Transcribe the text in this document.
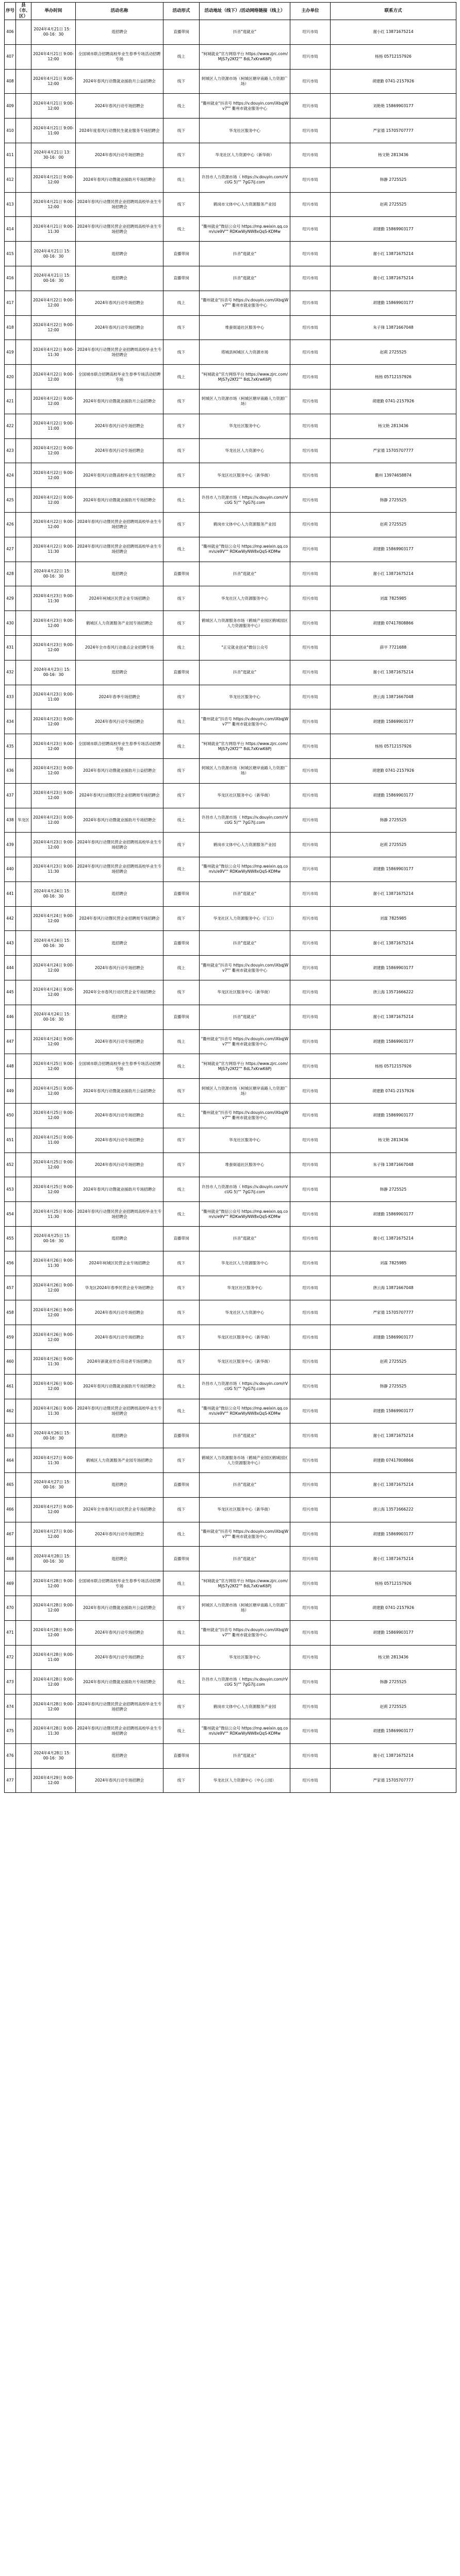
序号	县（市、区）	举办时间	活动名称	活动形式	活动地址（线下）/活动网络链接（线上）	主办单位	联系方式
406		2024年4月21日 15：00-16：30	逛招聘会	直播带岗	抖音"逛就业"	绍兴市局	谢小红 13871675214
407		2024年4月21日 9:00-12:00	全国城市联合招聘高校毕业生春季专场活动招聘专场	线上	"柯城就业"官方网络平台 https://www.zjrc.com/MjS7y2Kf2"" 8dL7xKrwK6Pj	绍兴市局	杨杨 05712157926
408		2024年4月21日 9:00-12:00	2024年春风行动暨就业援助月公益招聘会	线下	轲城区人力资源市场（柯城区塘岸南路人力资源广场）	绍兴市局	胡建勤 0741-2157926
409		2024年4月21日 9:00-12:00	2024年春风行动专场招聘会	线上	"衢州就业"抖音号 https://v.douyin.com/iXbqjWv7"" 衢州市就业服务中心	绍兴市局	刘艳艳 15869903177
410		2024年4月21日 9:00-11:00	2024年度春风行动暨民生就业服务专场招聘会	线下	华龙社区服务中心	绍兴市局	严家德 15705707777
411		2024年4月21日 13：30-16：00	2024年春风行动专场招聘会	线下	华龙社区人力资源中心（新华街）	绍兴市局	杨文艳 2813436
412		2024年4月21日 9:00-12:00	2024年春风行动暨就业援助月专场招聘会	线上	许昌市人力资源市场（ https://v.douyin.com/rVcUG 5)"" 7gG7iJ.com	绍兴市局	韩静 2725525
413		2024年4月21日 9:00-12:00	2024年春风行动暨民营企业招聘周高校毕业生专场招聘会	线下	鹤岗市文体中心人力资源服务产业园	绍兴市局	赵莉 2725525
414		2024年4月21日 9:00-11:30	2024年春风行动暨民营企业招聘周高校毕业生专场招聘会	线上	"衢州就业"微信公众号 https://mp.weixin.qq.com/s/e9V"" RDKwWyNW8xQqS-KDMw	绍兴市局	胡建勤 15869903177
415		2024年4月21日 15：00-16：30	逛招聘会	直播带岗	抖音"逛就业"	绍兴市局	谢小红 13871675214
416		2024年4月21日 15：00-16：30	逛招聘会	直播带岗	抖音"逛就业"	绍兴市局	谢小红 13871675214
417		2024年4月22日 9:00-12:00	2024年春风行动专场招聘会	线上	"衢州就业"抖音号 https://v.douyin.com/iXbqjWv7"" 衢州市就业服务中心	绍兴市局	胡建勤 15869903177
418		2024年4月22日 9:00-12:00	2024年春风行动专场招聘会	线下	堆蚕街道社区服务中心	绍兴市局	朱子锋 13871667048
419		2024年4月22日 9:00-11:30	2024年春风行动暨民营企业招聘周高校毕业生专场招聘会	线下	塔城县柯城区人力资源市场	绍兴市局	赵莉 2725525
420		2024年4月22日 9:00-12:00	全国城市联合招聘高校毕业生春季专场活动招聘专场	线上	"柯城就业"官方网络平台 https://www.zjrc.com/MjS7y2Kf2"" 8dL7xKrwK6Pj	绍兴市局	杨杨 05712157926
421		2024年4月22日 9:00-12:00	2024年春风行动暨就业援助月公益招聘会	线下	轲城区人力资源市场（柯城区塘岸南路人力资源广场）	绍兴市局	胡建勤 0741-2157926
422		2024年4月22日 9:00-11:00	2024年春风行动专场招聘会	线下	华龙社区服务中心	绍兴市局	杨文艳 2813436
423		2024年4月22日 9:00-12:00	2024年春风行动专场招聘会	线下	华龙社区人力资源中心	绍兴市局	严家德 15705707777
424		2024年4月22日 9:00-12:00	2024年春风行动暨高校毕业生专场招聘会	线下	华龙区社区服务中心（新华街）	绍兴市局	衢州 13974658874
425		2024年4月22日 9:00-12:00	2024年春风行动暨就业援助月专场招聘会	线上	许昌市人力资源市场（ https://v.douyin.com/rVcUG 5)"" 7gG7iJ.com	绍兴市局	韩静 2725525
426		2024年4月22日 9:00-12:00	2024年春风行动暨民营企业招聘周高校毕业生专场招聘会	线下	鹤岗市文体中心人力资源服务产业园	绍兴市局	赵莉 2725525
427		2024年4月22日 9:00-11:30	2024年春风行动暨民营企业招聘周高校毕业生专场招聘会	线上	"衢州就业"微信公众号 https://mp.weixin.qq.com/s/e9V"" RDKwWyNW8xQqS-KDMw	绍兴市局	胡建勤 15869903177
428		2024年4月22日 15：00-16：30	逛招聘会	直播带岗	抖音"逛就业"	绍兴市局	谢小红 13871675214
429		2024年4月23日 9:00-11:30	2024年柯城区民营企业专场招聘会	线下	华龙社区人力资源服务中心	绍兴市局	刘霖 7825985
430		2024年4月23日 9:00-12:00	鹤城区人力资源服务产业园专场招聘会	线下	鹤城区人力资源服务市场（鹤城产业园区鹤城园区人力资源服务中心）	绍兴市局	胡建勤 07417808866
431		2024年4月23日 9:00-12:00	2024年全市春风行动重点企业招聘专场	线上	"正定就业创业"微信公众号	绍兴市局	薛平 7721688
432		2024年4月23日 15：00-16：30	逛招聘会	直播带岗	抖音"逛就业"	绍兴市局	谢小红 13871675214
433		2024年4月23日 9:00-11:00	2024年春季专场招聘会	线下	华龙社区服务中心	绍兴市局	唐云海 13871667048
434		2024年4月23日 9:00-12:00	2024年春风行动专场招聘会	线上	"衢州就业"抖音号 https://v.douyin.com/iXbqjWv7"" 衢州市就业服务中心	绍兴市局	胡建勤 15869903177
435		2024年4月23日 9:00-12:00	全国城市联合招聘高校毕业生春季专场活动招聘专场	线上	"柯城就业"官方网络平台 https://www.zjrc.com/MjS7y2Kf2"" 8dL7xKrwK6Pj	绍兴市局	杨杨 05712157926
436		2024年4月23日 9:00-12:00	2024年春风行动暨就业援助月公益招聘会	线下	轲城区人力资源市场（柯城区塘岸南路人力资源广场）	绍兴市局	胡建勤 0741-2157926
437		2024年4月23日 9:00-12:00	2024年春风行动暨民营企业招聘周专场招聘会	线下	华龙区社区服务中心（新华街）	绍兴市局	胡建勤 15869903177
438	华龙区	2024年4月23日 9:00-12:00	2024年春风行动暨就业援助月专场招聘会	线上	许昌市人力资源市场（ https://v.douyin.com/rVcUG 5)"" 7gG7iJ.com	绍兴市局	韩静 2725525
439		2024年4月23日 9:00-12:00	2024年春风行动暨民营企业招聘周高校毕业生专场招聘会	线下	鹤岗市文体中心人力资源服务产业园	绍兴市局	赵莉 2725525
440		2024年4月23日 9:00-11:30	2024年春风行动暨民营企业招聘周高校毕业生专场招聘会	线上	"衢州就业"微信公众号 https://mp.weixin.qq.com/s/e9V"" RDKwWyNW8xQqS-KDMw	绍兴市局	胡建勤 15869903177
441		2024年4月24日 15：00-16：30	逛招聘会	直播带岗	抖音"逛就业"	绍兴市局	谢小红 13871675214
442		2024年4月24日 9:00-12:00	2024年春风行动暨民营企业招聘周专场招聘会	线下	华龙社区人力资源服务中心（门口）	绍兴市局	刘霖 7825985
443		2024年4月24日 15：00-16：30	逛招聘会	直播带岗	抖音"逛就业"	绍兴市局	谢小红 13871675214
444		2024年4月24日 9:00-12:00	2024年春风行动专场招聘会	线上	"衢州就业"抖音号 https://v.douyin.com/iXbqjWv7"" 衢州市就业服务中心	绍兴市局	胡建勤 15869903177
445		2024年4月24日 9:00-12:00	2024年全市春风行动民营企业专场招聘会	线下	华龙区社区服务中心（新华街）	绍兴市局	唐云海 13571666222
446		2024年4月24日 15：00-16：30	逛招聘会	直播带岗	抖音"逛就业"	绍兴市局	谢小红 13871675214
447		2024年4月24日 9:00-12:00	2024年春风行动专场招聘会	线上	"衢州就业"抖音号 https://v.douyin.com/iXbqjWv7"" 衢州市就业服务中心	绍兴市局	胡建勤 15869903177
448		2024年4月25日 9:00-12:00	全国城市联合招聘高校毕业生春季专场活动招聘专场	线上	"柯城就业"官方网络平台 https://www.zjrc.com/MjS7y2Kf2"" 8dL7xKrwK6Pj	绍兴市局	杨杨 05712157926
449		2024年4月25日 9:00-12:00	2024年春风行动暨就业援助月公益招聘会	线下	轲城区人力资源市场（柯城区塘岸南路人力资源广场）	绍兴市局	胡建勤 0741-2157926
450		2024年4月25日 9:00-12:00	2024年春风行动专场招聘会	线上	"衢州就业"抖音号 https://v.douyin.com/iXbqjWv7"" 衢州市就业服务中心	绍兴市局	胡建勤 15869903177
451		2024年4月25日 9:00-11:00	2024年春风行动专场招聘会	线下	华龙社区服务中心	绍兴市局	杨文艳 2813436
452		2024年4月25日 9:00-12:00	2024年春风行动专场招聘会	线下	堆蚕街道社区服务中心	绍兴市局	朱子锋 13871667048
453		2024年4月25日 9:00-12:00	2024年春风行动暨就业援助月专场招聘会	线上	许昌市人力资源市场（ https://v.douyin.com/rVcUG 5)"" 7gG7iJ.com	绍兴市局	韩静 2725525
454		2024年4月25日 9:00-11:30	2024年春风行动暨民营企业招聘周高校毕业生专场招聘会	线上	"衢州就业"微信公众号 https://mp.weixin.qq.com/s/e9V"" RDKwWyNW8xQqS-KDMw	绍兴市局	胡建勤 15869903177
455		2024年4月25日 15：00-16：30	逛招聘会	直播带岗	抖音"逛就业"	绍兴市局	谢小红 13871675214
456		2024年4月26日 9:00-11:30	2024年柯城区民营企业专场招聘会	线下	华龙社区人力资源服务中心	绍兴市局	刘霖 7825985
457		2024年4月26日 9:00-12:00	华龙区2024年春季民营企业专场招聘会	线下	华龙区社区服务中心	绍兴市局	唐云海 13871667048
458		2024年4月26日 9:00-12:00	2024年春风行动专场招聘会	线下	华龙社区人力资源中心	绍兴市局	严家德 15705707777
459		2024年4月26日 9:00-12:00	2024年春风行动专场招聘会	线下	华龙区社区服务中心（新华街）	绍兴市局	胡建勤 15869903177
460		2024年4月26日 9:00-11:30	2024年新就业形态劳动者专场招聘会	线下	华龙区社区服务中心（新华街）	绍兴市局	赵莉 2725525
461		2024年4月26日 9:00-12:00	2024年春风行动暨就业援助月专场招聘会	线上	许昌市人力资源市场（ https://v.douyin.com/rVcUG 5)"" 7gG7iJ.com	绍兴市局	韩静 2725525
462		2024年4月26日 9:00-11:30	2024年春风行动暨民营企业招聘周高校毕业生专场招聘会	线上	"衢州就业"微信公众号 https://mp.weixin.qq.com/s/e9V"" RDKwWyNW8xQqS-KDMw	绍兴市局	胡建勤 15869903177
463		2024年4月26日 15：00-16：30	逛招聘会	直播带岗	抖音"逛就业"	绍兴市局	谢小红 13871675214
464		2024年4月27日 9:00-11:30	鹤城区人力资源服务产业园专场招聘会	线下	鹤城区人力资源服务市场（鹤城产业园区鹤城园区人力资源服务中心）	绍兴市局	胡建勤 07417808866
465		2024年4月27日 15：00-16：30	逛招聘会	直播带岗	抖音"逛就业"	绍兴市局	谢小红 13871675214
466		2024年4月27日 9:00-12:00	2024年全市春风行动民营企业专场招聘会	线下	华龙区社区服务中心（新华街）	绍兴市局	唐云海 13571666222
467		2024年4月27日 9:00-12:00	2024年春风行动专场招聘会	线上	"衢州就业"抖音号 https://v.douyin.com/iXbqjWv7"" 衢州市就业服务中心	绍兴市局	胡建勤 15869903177
468		2024年4月28日 15：00-16：30	逛招聘会	直播带岗	抖音"逛就业"	绍兴市局	谢小红 13871675214
469		2024年4月28日 9:00-12:00	全国城市联合招聘高校毕业生春季专场活动招聘专场	线上	"柯城就业"官方网络平台 https://www.zjrc.com/MjS7y2Kf2"" 8dL7xKrwK6Pj	绍兴市局	杨杨 05712157926
470		2024年4月28日 9:00-12:00	2024年春风行动暨就业援助月公益招聘会	线下	轲城区人力资源市场（柯城区塘岸南路人力资源广场）	绍兴市局	胡建勤 0741-2157926
471		2024年4月28日 9:00-12:00	2024年春风行动专场招聘会	线上	"衢州就业"抖音号 https://v.douyin.com/iXbqjWv7"" 衢州市就业服务中心	绍兴市局	胡建勤 15869903177
472		2024年4月28日 9:00-11:00	2024年春风行动专场招聘会	线下	华龙社区服务中心	绍兴市局	杨文艳 2813436
473		2024年4月28日 9:00-12:00	2024年春风行动暨就业援助月专场招聘会	线上	许昌市人力资源市场（ https://v.douyin.com/rVcUG 5)"" 7gG7iJ.com	绍兴市局	韩静 2725525
474		2024年4月28日 9:00-12:00	2024年春风行动暨民营企业招聘周高校毕业生专场招聘会	线下	鹤岗市文体中心人力资源服务产业园	绍兴市局	赵莉 2725525
475		2024年4月28日 9:00-11:30	2024年春风行动暨民营企业招聘周高校毕业生专场招聘会	线上	"衢州就业"微信公众号 https://mp.weixin.qq.com/s/e9V"" RDKwWyNW8xQqS-KDMw	绍兴市局	胡建勤 15869903177
476		2024年4月28日 15：00-16：30	逛招聘会	直播带岗	抖音"逛就业"	绍兴市局	谢小红 13871675214
477		2024年4月29日 9:00-12:00	2024年春风行动专场招聘会	线下	华龙社区人力资源中心（中心公园）	绍兴市局	严家德 15705707777
